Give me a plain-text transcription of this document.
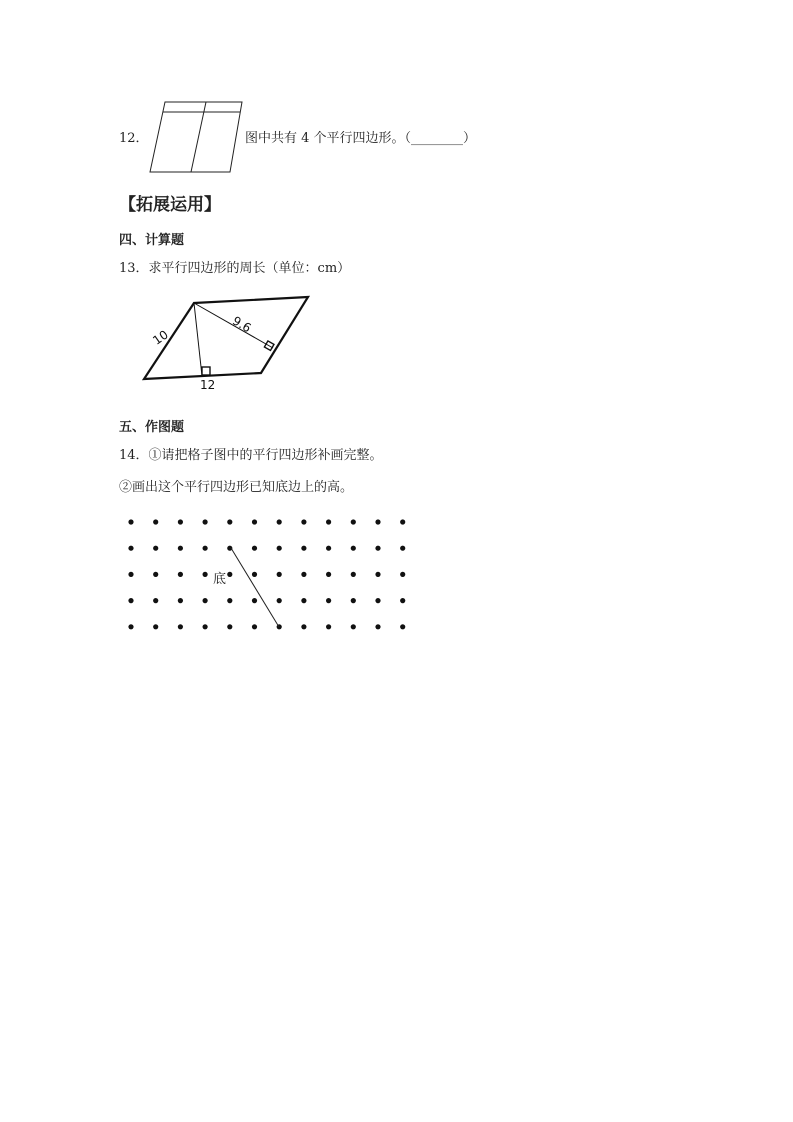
12．	图中共有 4 个平行四边形。（________）
【拓展运用】
四、计算题
13．求平行四边形的周长（单位：cm）
10
9.6
12
五、作图题
14．①请把格子图中的平行四边形补画完整。
②画出这个平行四边形已知底边上的高。
底
